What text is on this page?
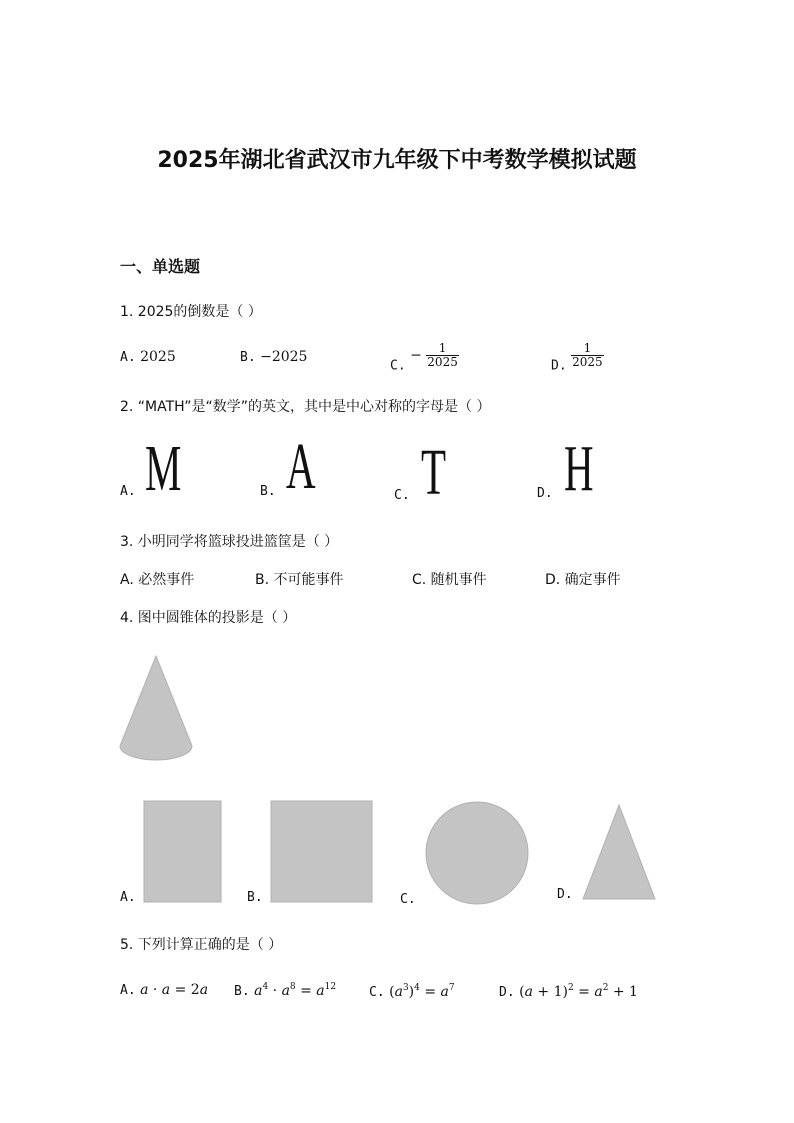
2025年湖北省武汉市九年级下中考数学模拟试题
一、单选题
1. 2025的倒数是（ ）
A. 2025	B. −2025
C. − $\frac{1}{2025}$	D. $\frac{1}{2025}$
2. “MATH”是“数学”的英文，其中是中心对称的字母是（ ）
A. M	B. A	C. T	D. H
3. 小明同学将篮球投进篮筐是（ ）
A. 必然事件	B. 不可能事件	C. 随机事件	D. 确定事件
4. 图中圆锥体的投影是（ ）
A.	B.	C.	D.
5. 下列计算正确的是（ ）
A. a · a = 2a B. $a^4 \cdot a^8 = a^{12}$	C. $(a^3)^4 = a^7$	D. $(a + 1)^2 = a^2 + 1$
